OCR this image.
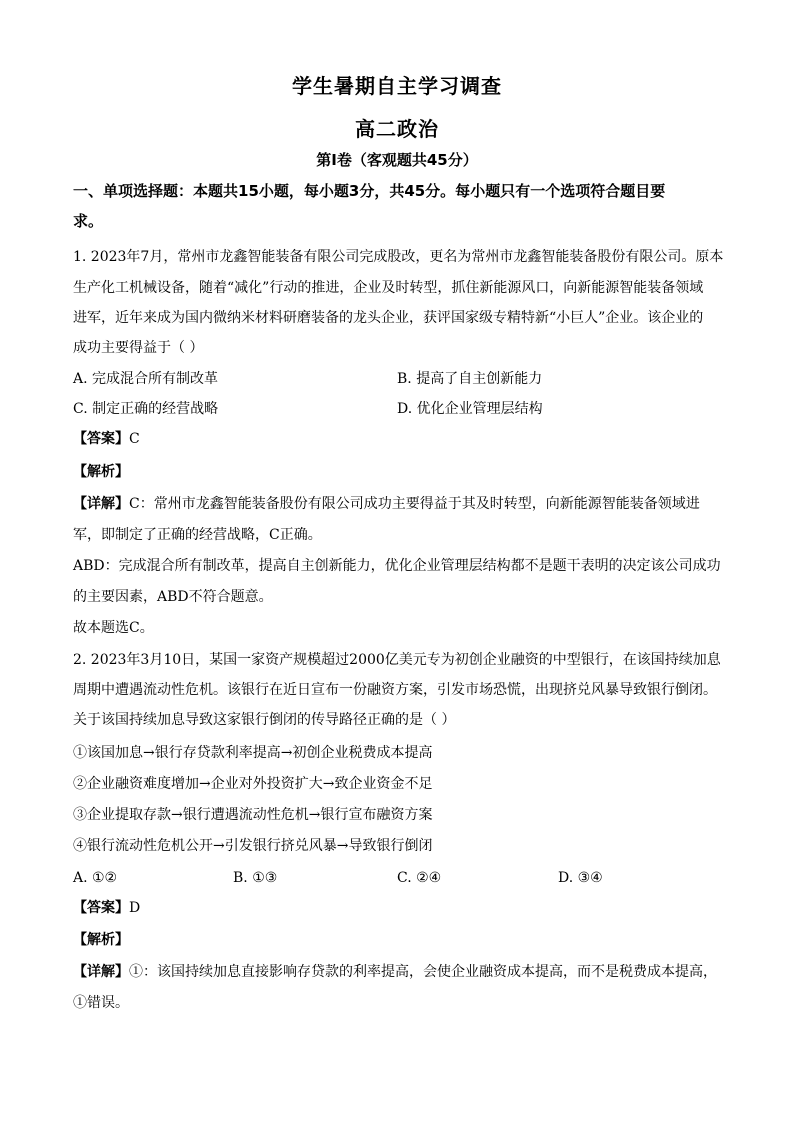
学生暑期自主学习调查
高二政治
第Ⅰ卷（客观题共45分）
一、单项选择题：本题共15小题，每小题3分，共45分。每小题只有一个选项符合题目要
求。
1. 2023年7月，常州市龙鑫智能装备有限公司完成股改，更名为常州市龙鑫智能装备股份有限公司。原本
生产化工机械设备，随着“减化”行动的推进，企业及时转型，抓住新能源风口，向新能源智能装备领域
进军，近年来成为国内微纳米材料研磨装备的龙头企业，获评国家级专精特新“小巨人”企业。该企业的
成功主要得益于（ ）
A. 完成混合所有制改革	B. 提高了自主创新能力
C. 制定正确的经营战略	D. 优化企业管理层结构
【答案】C
【解析】
【详解】C：常州市龙鑫智能装备股份有限公司成功主要得益于其及时转型，向新能源智能装备领域进
军，即制定了正确的经营战略，C正确。
ABD：完成混合所有制改革，提高自主创新能力，优化企业管理层结构都不是题干表明的决定该公司成功
的主要因素，ABD不符合题意。
故本题选C。
2. 2023年3月10日，某国一家资产规模超过2000亿美元专为初创企业融资的中型银行，在该国持续加息
周期中遭遇流动性危机。该银行在近日宣布一份融资方案，引发市场恐慌，出现挤兑风暴导致银行倒闭。
关于该国持续加息导致这家银行倒闭的传导路径正确的是（ ）
①该国加息→银行存贷款利率提高→初创企业税费成本提高
②企业融资难度增加→企业对外投资扩大→致企业资金不足
③企业提取存款→银行遭遇流动性危机→银行宣布融资方案
④银行流动性危机公开→引发银行挤兑风暴→导致银行倒闭
A. ①②	B. ①③	C. ②④	D. ③④
【答案】D
【解析】
【详解】①：该国持续加息直接影响存贷款的利率提高，会使企业融资成本提高，而不是税费成本提高，
①错误。
